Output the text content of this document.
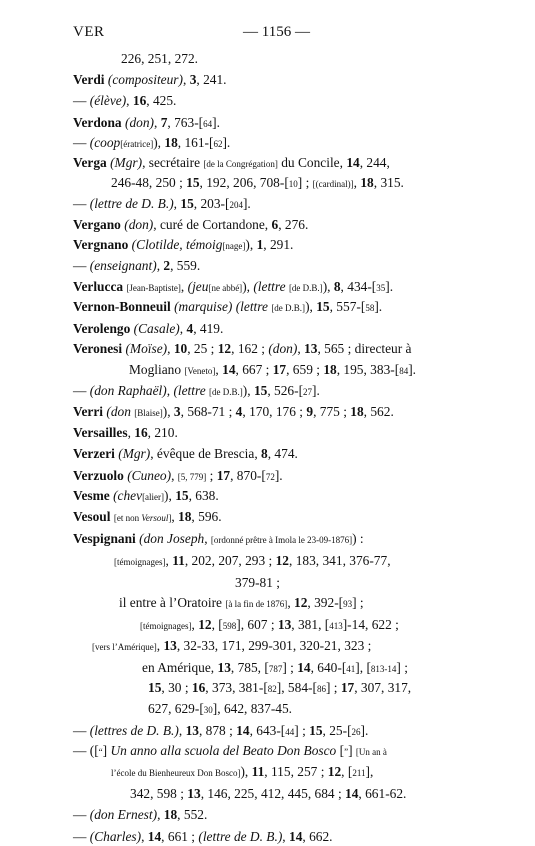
VER	— 1156 —
226, 251, 272.
Verdi (compositeur), 3, 241.
— (élève), 16, 425.
Verdona (don), 7, 763-[64].
— (coop[ératrice]), 18, 161-[62].
Verga (Mgr), secrétaire [de la Congrégation] du Concile, 14, 244,
246-48, 250 ; 15, 192, 206, 708-[10] ; [(cardinal)], 18, 315.
— (lettre de D. B.), 15, 203-[204].
Vergano (don), curé de Cortandone, 6, 276.
Vergnano (Clotilde, témoig[nage]), 1, 291.
— (enseignant), 2, 559.
Verlucca [Jean-Baptiste], (jeu[ne abbé]), (lettre [de D.B.]), 8, 434-[35].
Vernon-Bonneuil (marquise) (lettre [de D.B.]), 15, 557-[58].
Verolengo (Casale), 4, 419.
Veronesi (Moïse), 10, 25 ; 12, 162 ; (don), 13, 565 ; directeur à
Mogliano [Veneto], 14, 667 ; 17, 659 ; 18, 195, 383-[84].
— (don Raphaël), (lettre [de D.B.]), 15, 526-[27].
Verri (don [Blaise]), 3, 568-71 ; 4, 170, 176 ; 9, 775 ; 18, 562.
Versailles, 16, 210.
Verzeri (Mgr), évêque de Brescia, 8, 474.
Verzuolo (Cuneo), [5, 779] ; 17, 870-[72].
Vesme (chev[alier]), 15, 638.
Vesoul [et non Versoul], 18, 596.
Vespignani (don Joseph, [ordonné prêtre à Imola le 23-09-1876]) :
[témoignages], 11, 202, 207, 293 ; 12, 183, 341, 376-77,
379-81 ;
il entre à l’Oratoire [à la fin de 1876], 12, 392-[93] ;
[témoignages], 12, [598], 607 ; 13, 381, [413]-14, 622 ;
[vers l’Amérique], 13, 32-33, 171, 299-301, 320-21, 323 ;
en Amérique, 13, 785, [787] ; 14, 640-[41], [813-14] ;
15, 30 ; 16, 373, 381-[82], 584-[86] ; 17, 307, 317,
627, 629-[30], 642, 837-45.
— (lettres de D. B.), 13, 878 ; 14, 643-[44] ; 15, 25-[26].
— ([“] Un anno alla scuola del Beato Don Bosco [”] [Un an à
l’école du Bienheureux Don Bosco]), 11, 115, 257 ; 12, [211],
342, 598 ; 13, 146, 225, 412, 445, 684 ; 14, 661-62.
— (don Ernest), 18, 552.
— (Charles), 14, 661 ; (lettre de D. B.), 14, 662.
